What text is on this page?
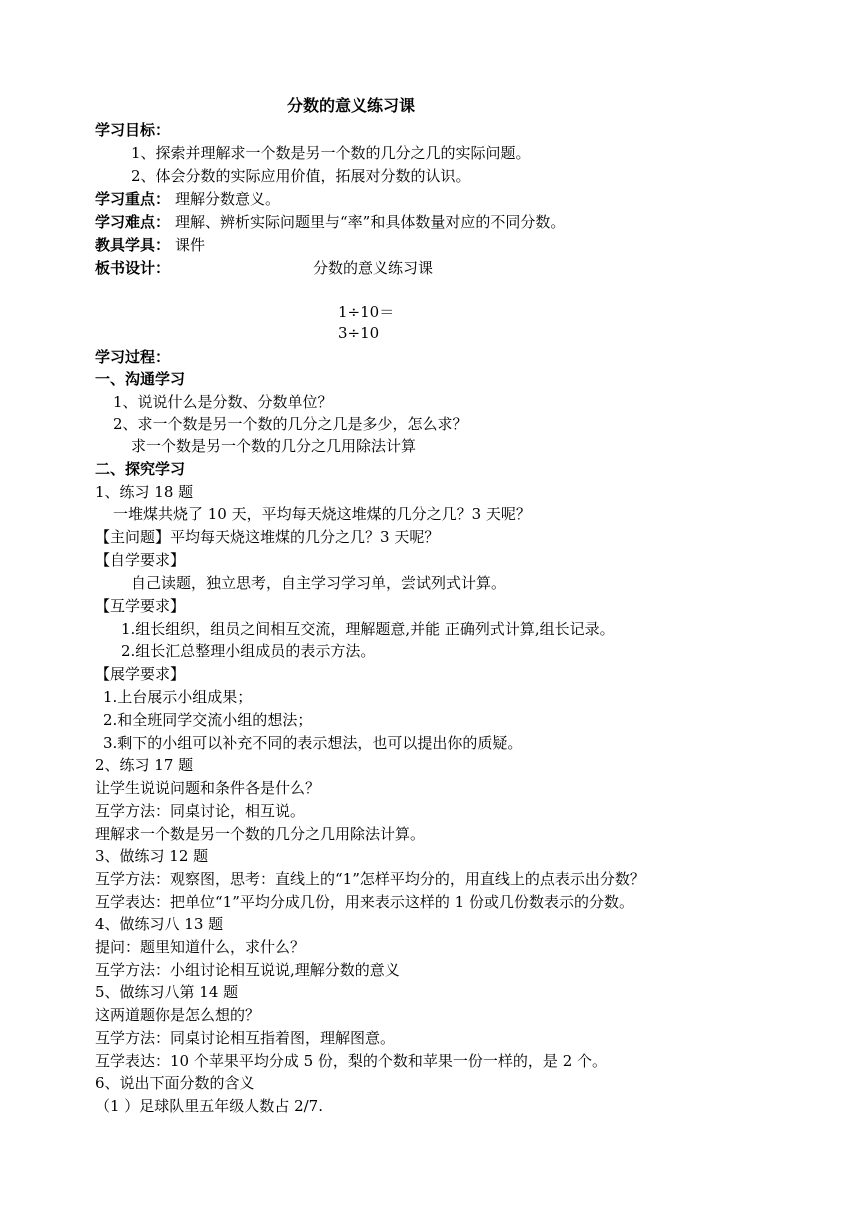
分数的意义练习课
学习目标：
1、探索并理解求一个数是另一个数的几分之几的实际问题。
2、体会分数的实际应用价值，拓展对分数的认识。
学习重点： 理解分数意义。
学习难点： 理解、辨析实际问题里与“率”和具体数量对应的不同分数。
教具学具： 课件
板书设计：	分数的意义练习课
1÷10＝
3÷10
学习过程：
一、沟通学习
1、说说什么是分数、分数单位？
2、求一个数是另一个数的几分之几是多少，怎么求？
求一个数是另一个数的几分之几用除法计算
二、探究学习
1、练习 18 题
一堆煤共烧了 10 天，平均每天烧这堆煤的几分之几？3 天呢？
【主问题】平均每天烧这堆煤的几分之几？3 天呢？
【自学要求】
自己读题，独立思考，自主学习学习单，尝试列式计算。
【互学要求】
1.组长组织，组员之间相互交流，理解题意,并能 正确列式计算,组长记录。
2.组长汇总整理小组成员的表示方法。
【展学要求】
1.上台展示小组成果；
2.和全班同学交流小组的想法；
3.剩下的小组可以补充不同的表示想法，也可以提出你的质疑。
2、练习 17 题
让学生说说问题和条件各是什么？
互学方法：同桌讨论，相互说。
理解求一个数是另一个数的几分之几用除法计算。
3、做练习 12 题
互学方法：观察图，思考：直线上的“1”怎样平均分的，用直线上的点表示出分数？
互学表达：把单位“1”平均分成几份，用来表示这样的 1 份或几份数表示的分数。
4、做练习八 13 题
提问：题里知道什么，求什么？
互学方法：小组讨论相互说说,理解分数的意义
5、做练习八第 14 题
这两道题你是怎么想的？
互学方法：同桌讨论相互指着图，理解图意。
互学表达：10 个苹果平均分成 5 份，梨的个数和苹果一份一样的，是 2 个。
6、说出下面分数的含义
（1 ）足球队里五年级人数占 2/7.
